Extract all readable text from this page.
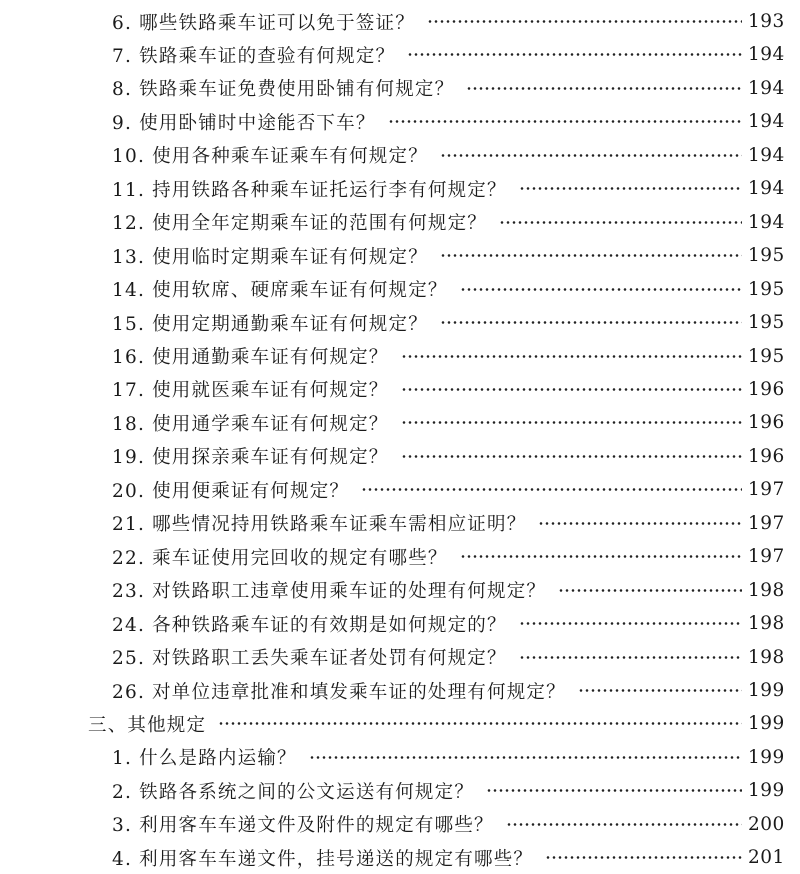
6. 哪些铁路乘车证可以免于签证？	193
7. 铁路乘车证的查验有何规定？	194
8. 铁路乘车证免费使用卧铺有何规定？	194
9. 使用卧铺时中途能否下车？	194
10. 使用各种乘车证乘车有何规定？	194
11. 持用铁路各种乘车证托运行李有何规定？	194
12. 使用全年定期乘车证的范围有何规定？	194
13. 使用临时定期乘车证有何规定？	195
14. 使用软席、硬席乘车证有何规定？	195
15. 使用定期通勤乘车证有何规定？	195
16. 使用通勤乘车证有何规定？	195
17. 使用就医乘车证有何规定？	196
18. 使用通学乘车证有何规定？	196
19. 使用探亲乘车证有何规定？	196
20. 使用便乘证有何规定？	197
21. 哪些情况持用铁路乘车证乘车需相应证明？	197
22. 乘车证使用完回收的规定有哪些？	197
23. 对铁路职工违章使用乘车证的处理有何规定？	198
24. 各种铁路乘车证的有效期是如何规定的？	198
25. 对铁路职工丢失乘车证者处罚有何规定？	198
26. 对单位违章批准和填发乘车证的处理有何规定？	199
三、其他规定	199
1. 什么是路内运输？	199
2. 铁路各系统之间的公文运送有何规定？	199
3. 利用客车车递文件及附件的规定有哪些？	200
4. 利用客车车递文件，挂号递送的规定有哪些？	201
